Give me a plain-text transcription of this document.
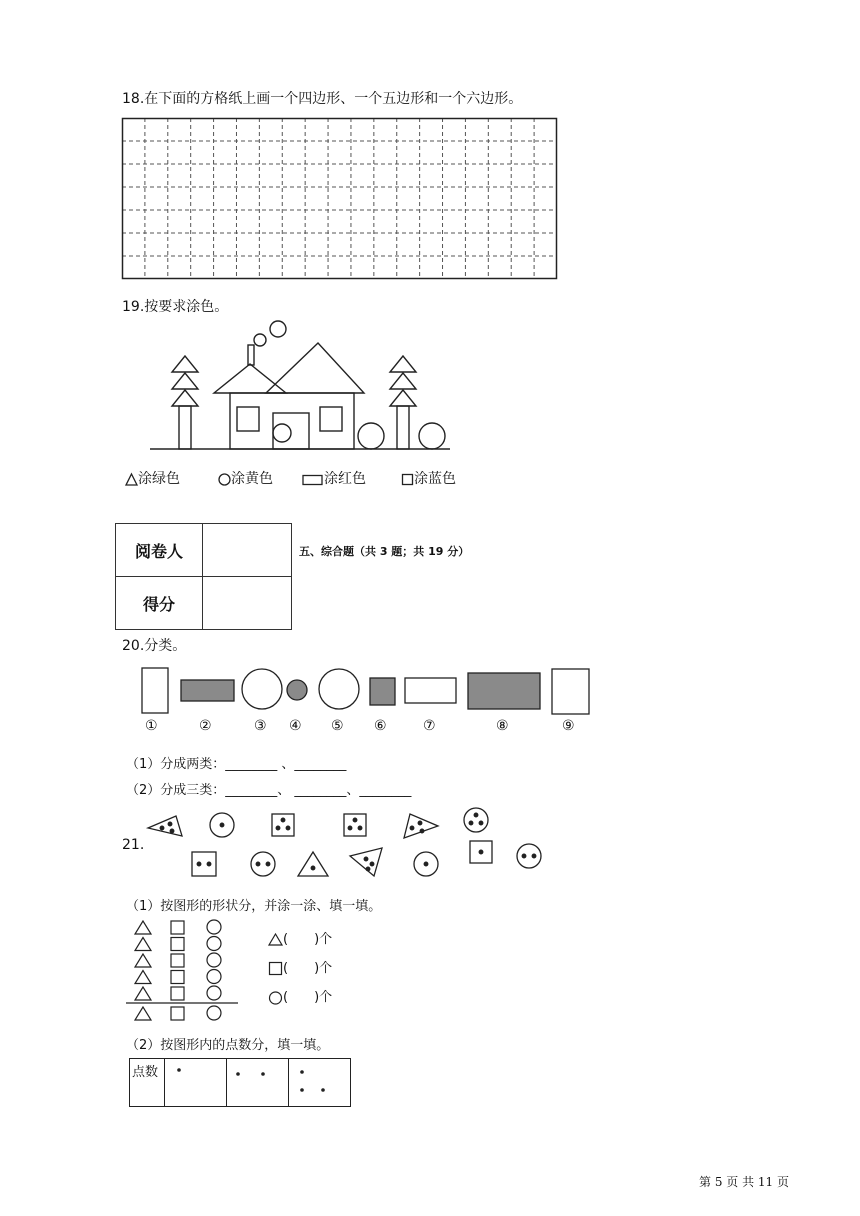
18.在下面的方格纸上画一个四边形、一个五边形和一个六边形。
19.按要求涂色。
涂绿色	涂黄色	涂红色	涂蓝色
阅卷人	
得分	
五、综合题（共 3 题；共 19 分）
20.分类。
①	②	③ ④ ⑤ ⑥	⑦	⑧	⑨
（1）分成两类：________ 、________
（2）分成三类：________、 ________、________
21.
（1）按图形的形状分，并涂一涂、填一填。
(　　)个
(　　)个
(　　)个
（2）按图形内的点数分，填一填。
点数	

第 5 页 共 11 页
